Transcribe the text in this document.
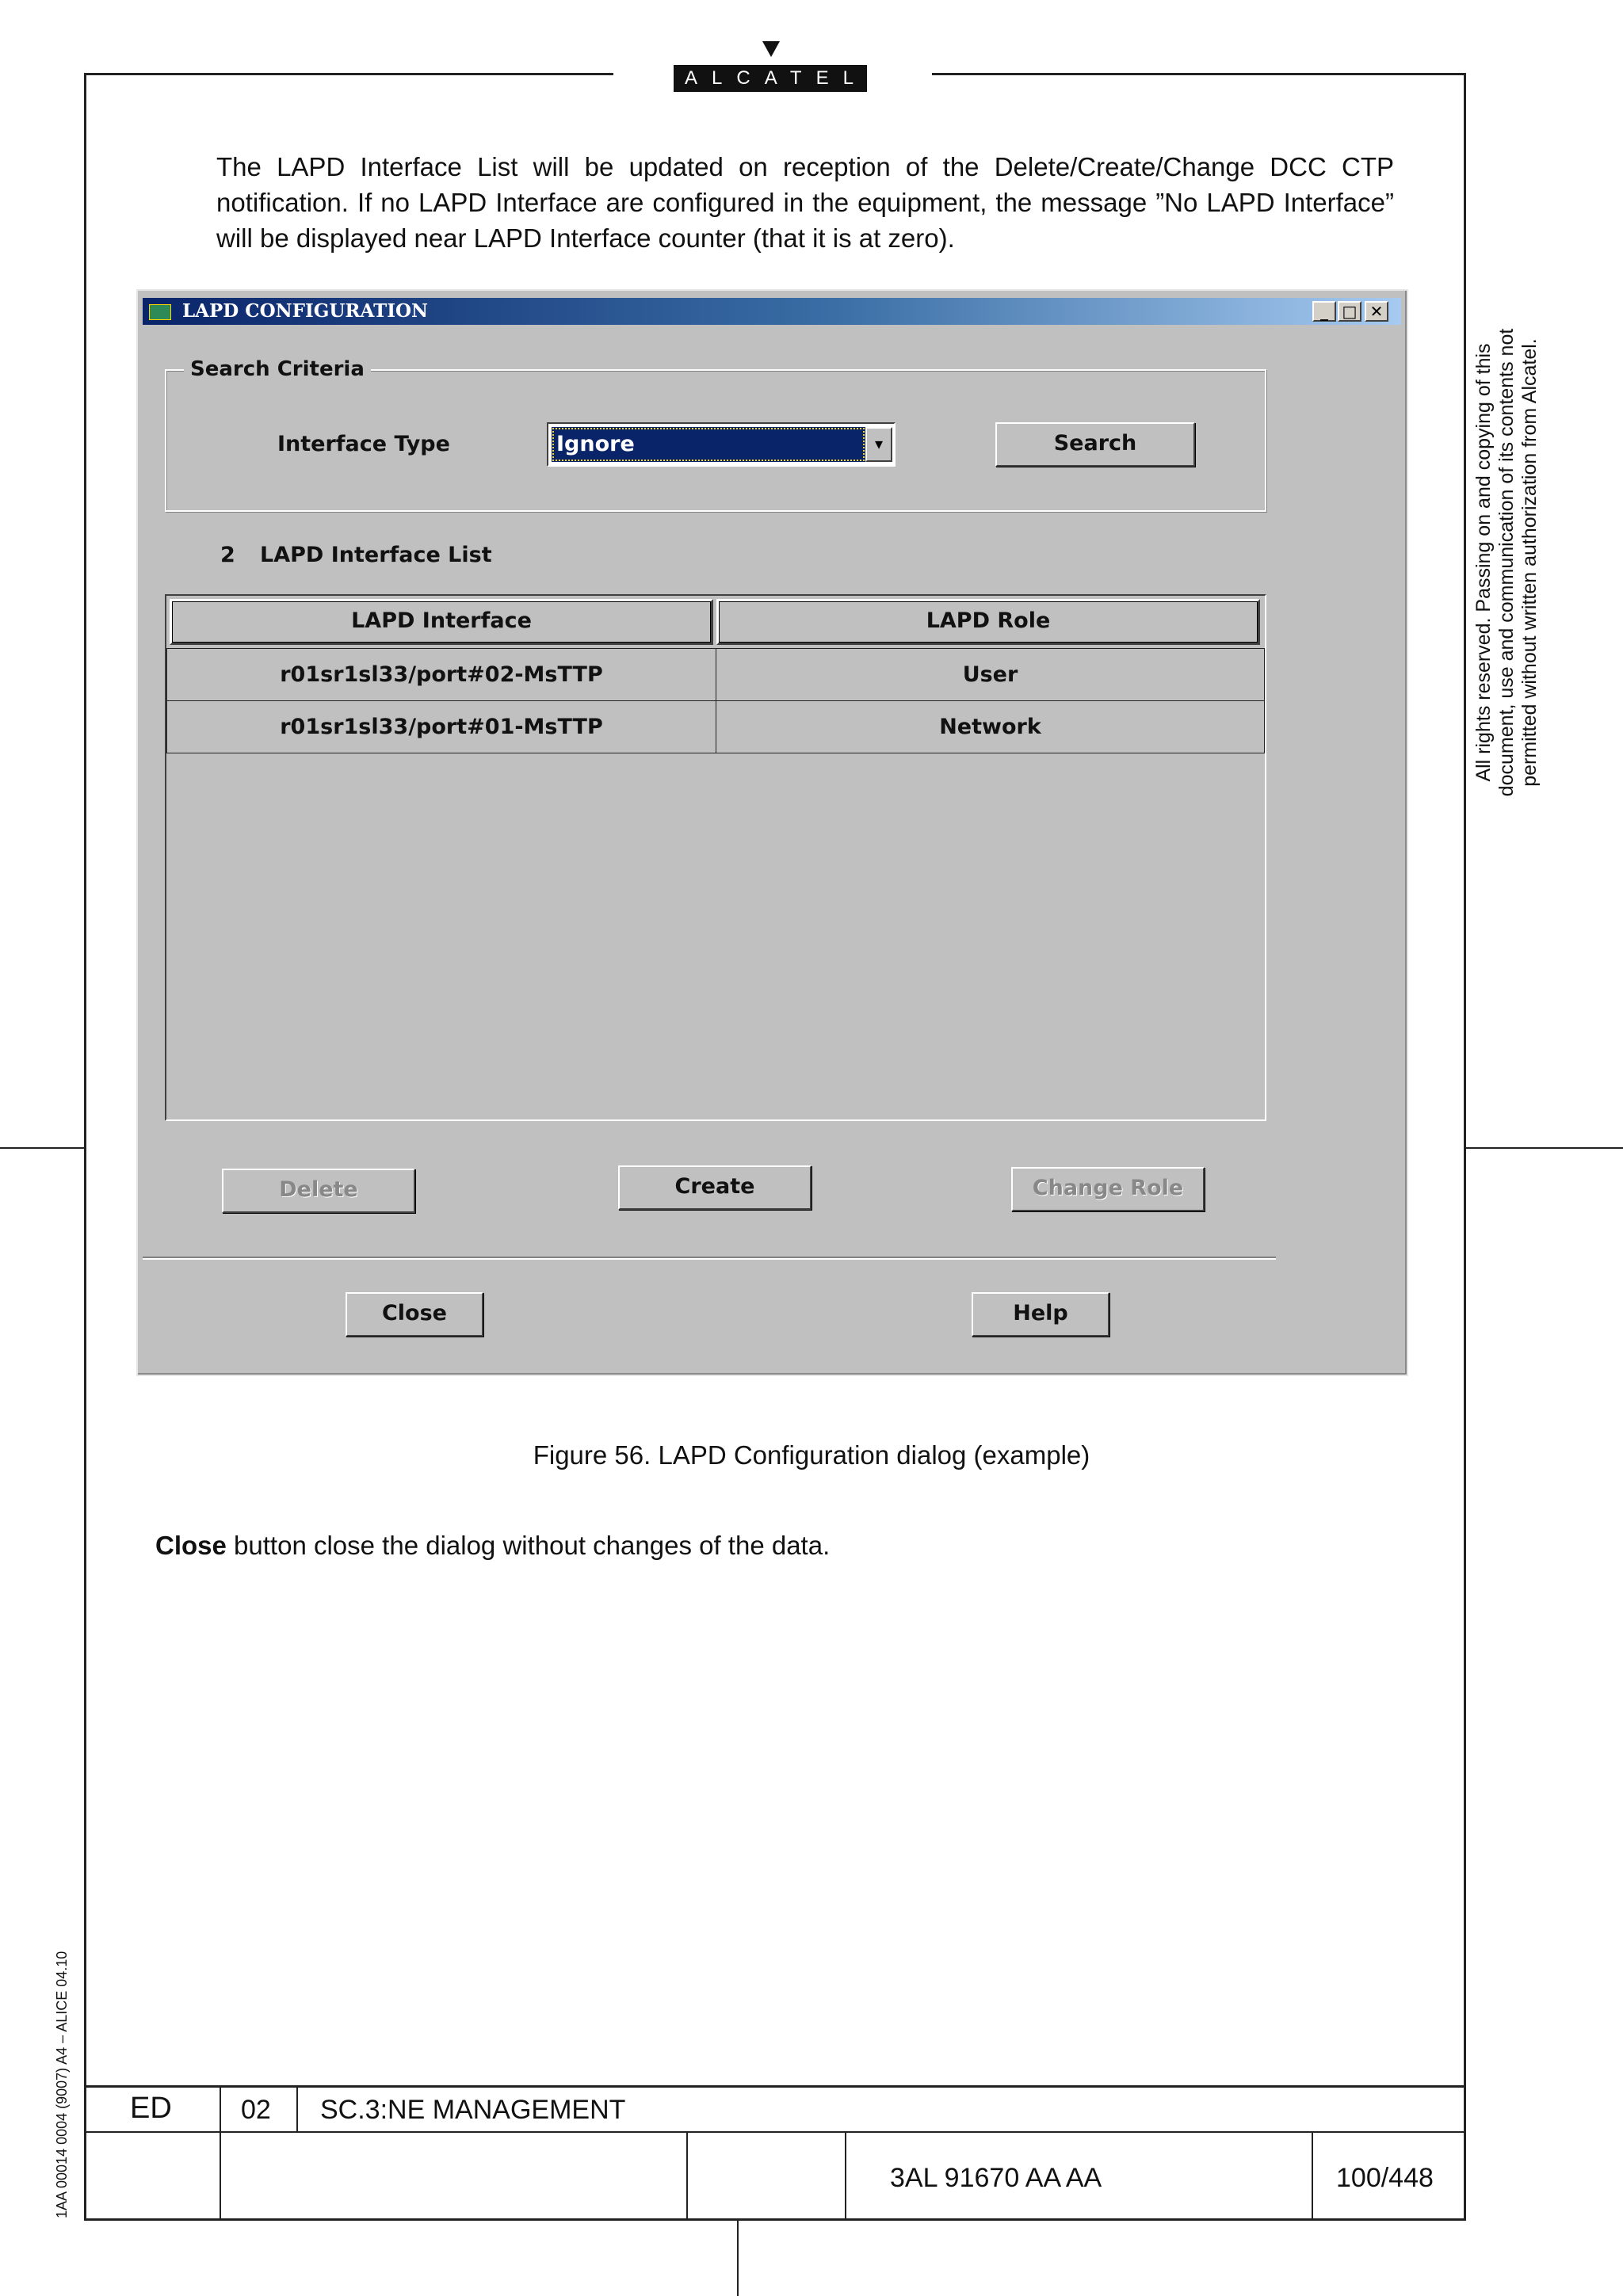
ALCATEL
The LAPD Interface List will be updated on reception of the Delete/Create/Change DCC CTP notification. If no LAPD Interface are configured in the equipment, the message ”No LAPD Interface” will be displayed near LAPD Interface counter (that it is at zero).
All rights reserved. Passing on and copying of this document, use and communication of its contents not permitted without written authorization from Alcatel.
1AA 00014 0004 (9007) A4 – ALICE 04.10
LAPD CONFIGURATION	_ □ ✕
Search Criteria
Interface Type	Ignore	▾	Search
2 LAPD Interface List
LAPD Interface	LAPD Role
r01sr1sl33/port#02-MsTTP	User
r01sr1sl33/port#01-MsTTP	Network
Delete	Create	Change Role
Close	Help
Figure 56. LAPD Configuration dialog (example)
Close button close the dialog without changes of the data.
ED	02 SC.3:NE MANAGEMENT
3AL 91670 AA AA	100/448
